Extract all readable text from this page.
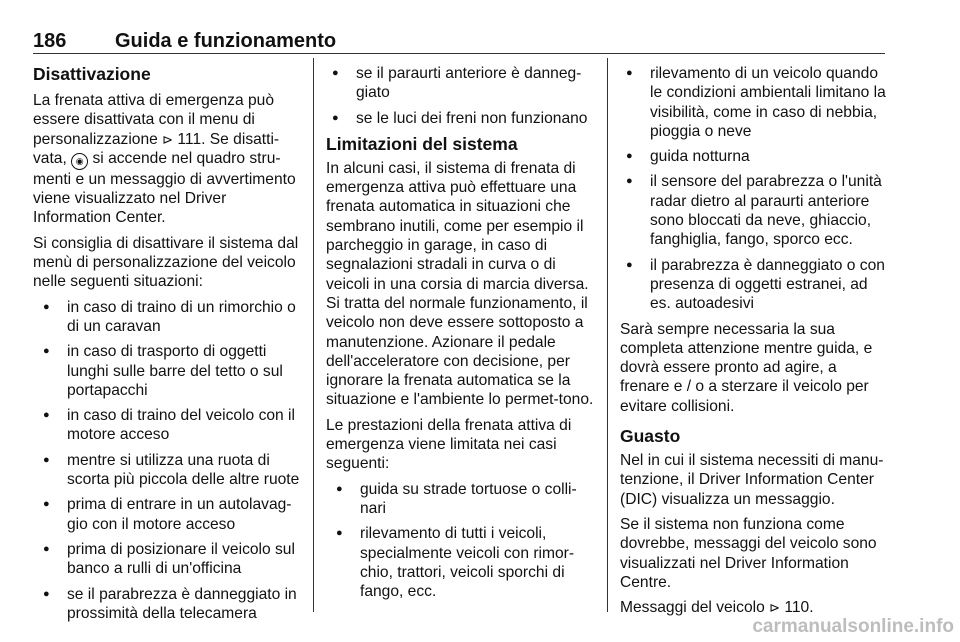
186 Guida e funzionamento
Disattivazione

La frenata attiva di emergenza può essere disattivata con il menu di personalizzazione ⊳ 111. Se disatti-vata, ◉ si accende nel quadro stru-menti e un messaggio di avvertimento viene visualizzato nel Driver Information Center.

Si consiglia di disattivare il sistema dal menù di personalizzazione del veicolo nelle seguenti situazioni:

● in caso di traino di un rimorchio o di un caravan
● in caso di trasporto di oggetti lunghi sulle barre del tetto o sul portapacchi
● in caso di traino del veicolo con il motore acceso
● mentre si utilizza una ruota di scorta più piccola delle altre ruote
● prima di entrare in un autolavag-gio con il motore acceso
● prima di posizionare il veicolo sul banco a rulli di un'officina
● se il parabrezza è danneggiato in prossimità della telecamera
● se il paraurti anteriore è danneg-giato
● se le luci dei freni non funzionano
Limitazioni del sistema

In alcuni casi, il sistema di frenata di emergenza attiva può effettuare una frenata automatica in situazioni che sembrano inutili, come per esempio il parcheggio in garage, in caso di segnalazioni stradali in curva o di veicoli in una corsia di marcia diversa. Si tratta del normale funzionamento, il veicolo non deve essere sottoposto a manutenzione. Azionare il pedale dell'acceleratore con decisione, per ignorare la frenata automatica se la situazione e l'ambiente lo permet-tono.

Le prestazioni della frenata attiva di emergenza viene limitata nei casi seguenti:

● guida su strade tortuose o colli-nari
● rilevamento di tutti i veicoli, specialmente veicoli con rimor-chio, trattori, veicoli sporchi di fango, ecc.
● rilevamento di un veicolo quando le condizioni ambientali limitano la visibilità, come in caso di nebbia, pioggia o neve
● guida notturna
● il sensore del parabrezza o l'unità radar dietro al paraurti anteriore sono bloccati da neve, ghiaccio, fanghiglia, fango, sporco ecc.
● il parabrezza è danneggiato o con presenza di oggetti estranei, ad es. autoadesivi

Sarà sempre necessaria la sua completa attenzione mentre guida, e dovrà essere pronto ad agire, a frenare e / o a sterzare il veicolo per evitare collisioni.

Guasto

Nel in cui il sistema necessiti di manu-tenzione, il Driver Information Center (DIC) visualizza un messaggio.

Se il sistema non funziona come dovrebbe, messaggi del veicolo sono visualizzati nel Driver Information Centre.

Messaggi del veicolo ⊳ 110.

carmanualsonline.info
